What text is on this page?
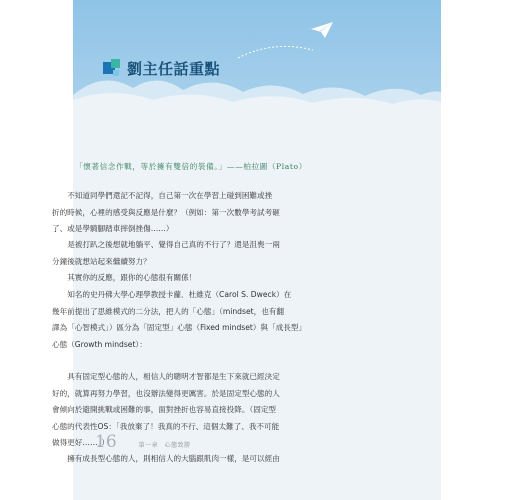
劉主任話重點
「懷著信念作戰，等於擁有雙倍的裝備。」——柏拉圖（Plato）
不知道同學們還記不記得，自己第一次在學習上碰到困難或挫
折的時候，心裡的感受與反應是什麼？（例如：第一次數學考試考砸
了、或是學騎腳踏車摔倒挫傷……）
是被打趴之後想就地躺平、覺得自己真的不行了？還是沮喪一兩
分鐘後就想站起來繼續努力？
其實你的反應，跟你的心態很有關係！
知名的史丹佛大學心理學教授卡蘿．杜維克（Carol S. Dweck）在
幾年前提出了思維模式的二分法，把人的「心態」（mindset，也有翻
譯為「心智模式」）區分為「固定型」心態（Fixed mindset）與「成長型」
心態（Growth mindset）：
具有固定型心態的人，相信人的聰明才智都是生下來就已經決定
好的，就算再努力學習，也沒辦法變得更厲害。於是固定型心態的人
會傾向於避開挑戰或困難的事，面對挫折也容易直接投降。（固定型
心態的代表性OS：「我放棄了！我真的不行、這個太難了、我不可能
做得更好……」）
擁有成長型心態的人，則相信人的大腦跟肌肉一樣，是可以經由
16	第一章　心態致勝
